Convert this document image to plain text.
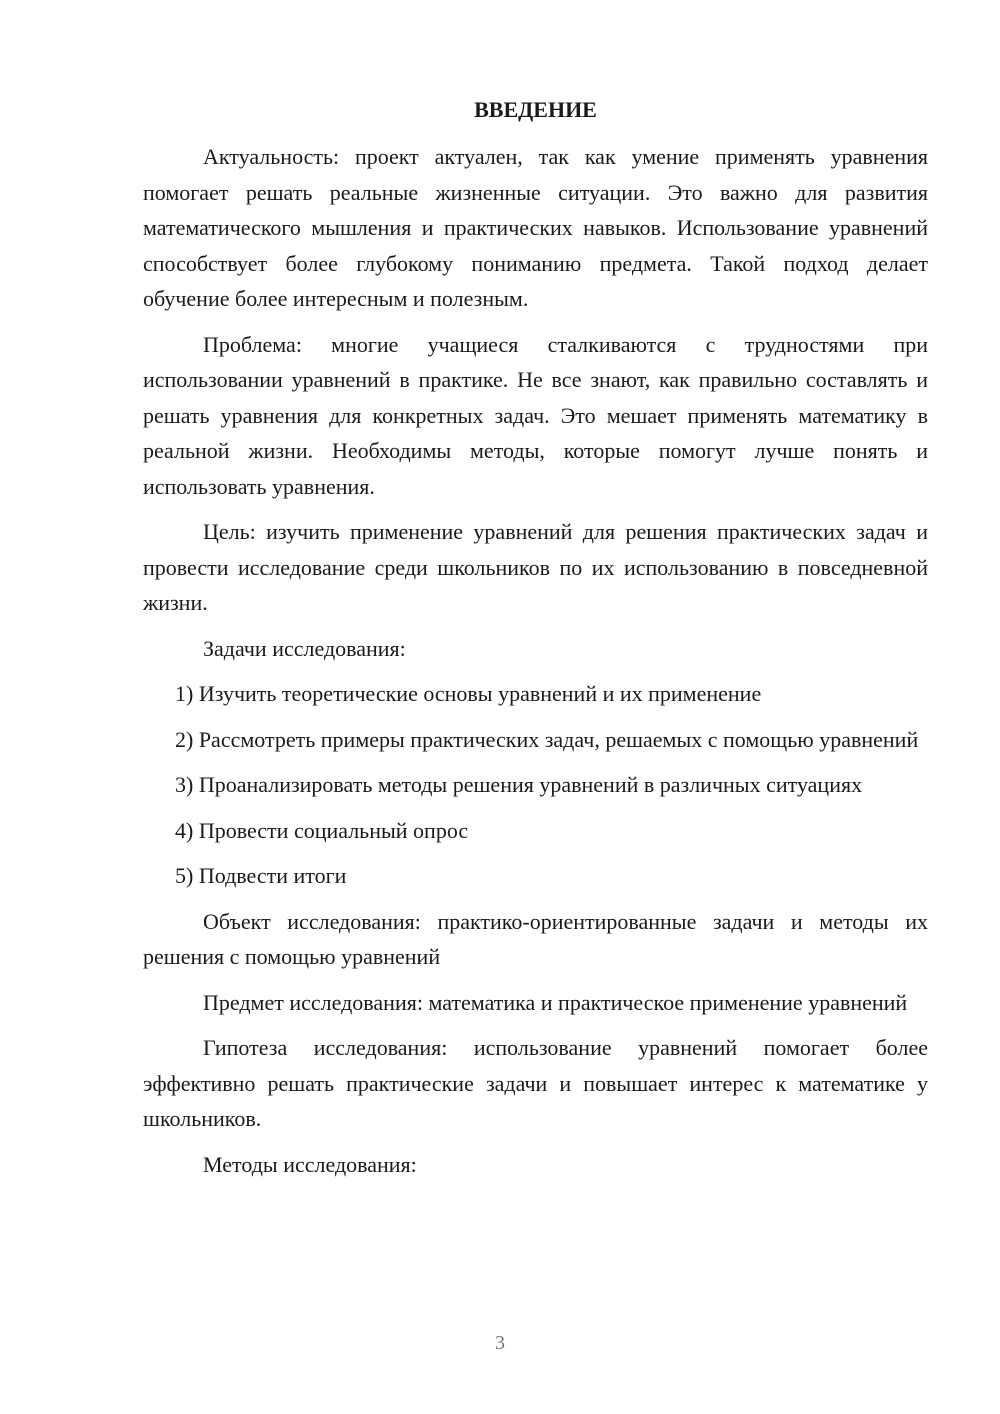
ВВЕДЕНИЕ

Актуальность: проект актуален, так как умение применять уравнения помогает решать реальные жизненные ситуации. Это важно для развития математического мышления и практических навыков. Использование уравнений способствует более глубокому пониманию предмета. Такой подход делает обучение более интересным и полезным.

Проблема: многие учащиеся сталкиваются с трудностями при использовании уравнений в практике. Не все знают, как правильно составлять и решать уравнения для конкретных задач. Это мешает применять математику в реальной жизни. Необходимы методы, которые помогут лучше понять и использовать уравнения.

Цель: изучить применение уравнений для решения практических задач и провести исследование среди школьников по их использованию в повседневной жизни.

Задачи исследования:

1) Изучить теоретические основы уравнений и их применение

2) Рассмотреть примеры практических задач, решаемых с помощью уравнений

3) Проанализировать методы решения уравнений в различных ситуациях

4) Провести социальный опрос

5) Подвести итоги

Объект исследования: практико-ориентированные задачи и методы их решения с помощью уравнений

Предмет исследования: математика и практическое применение уравнений

Гипотеза исследования: использование уравнений помогает более эффективно решать практические задачи и повышает интерес к математике у школьников.

Методы исследования:

3
